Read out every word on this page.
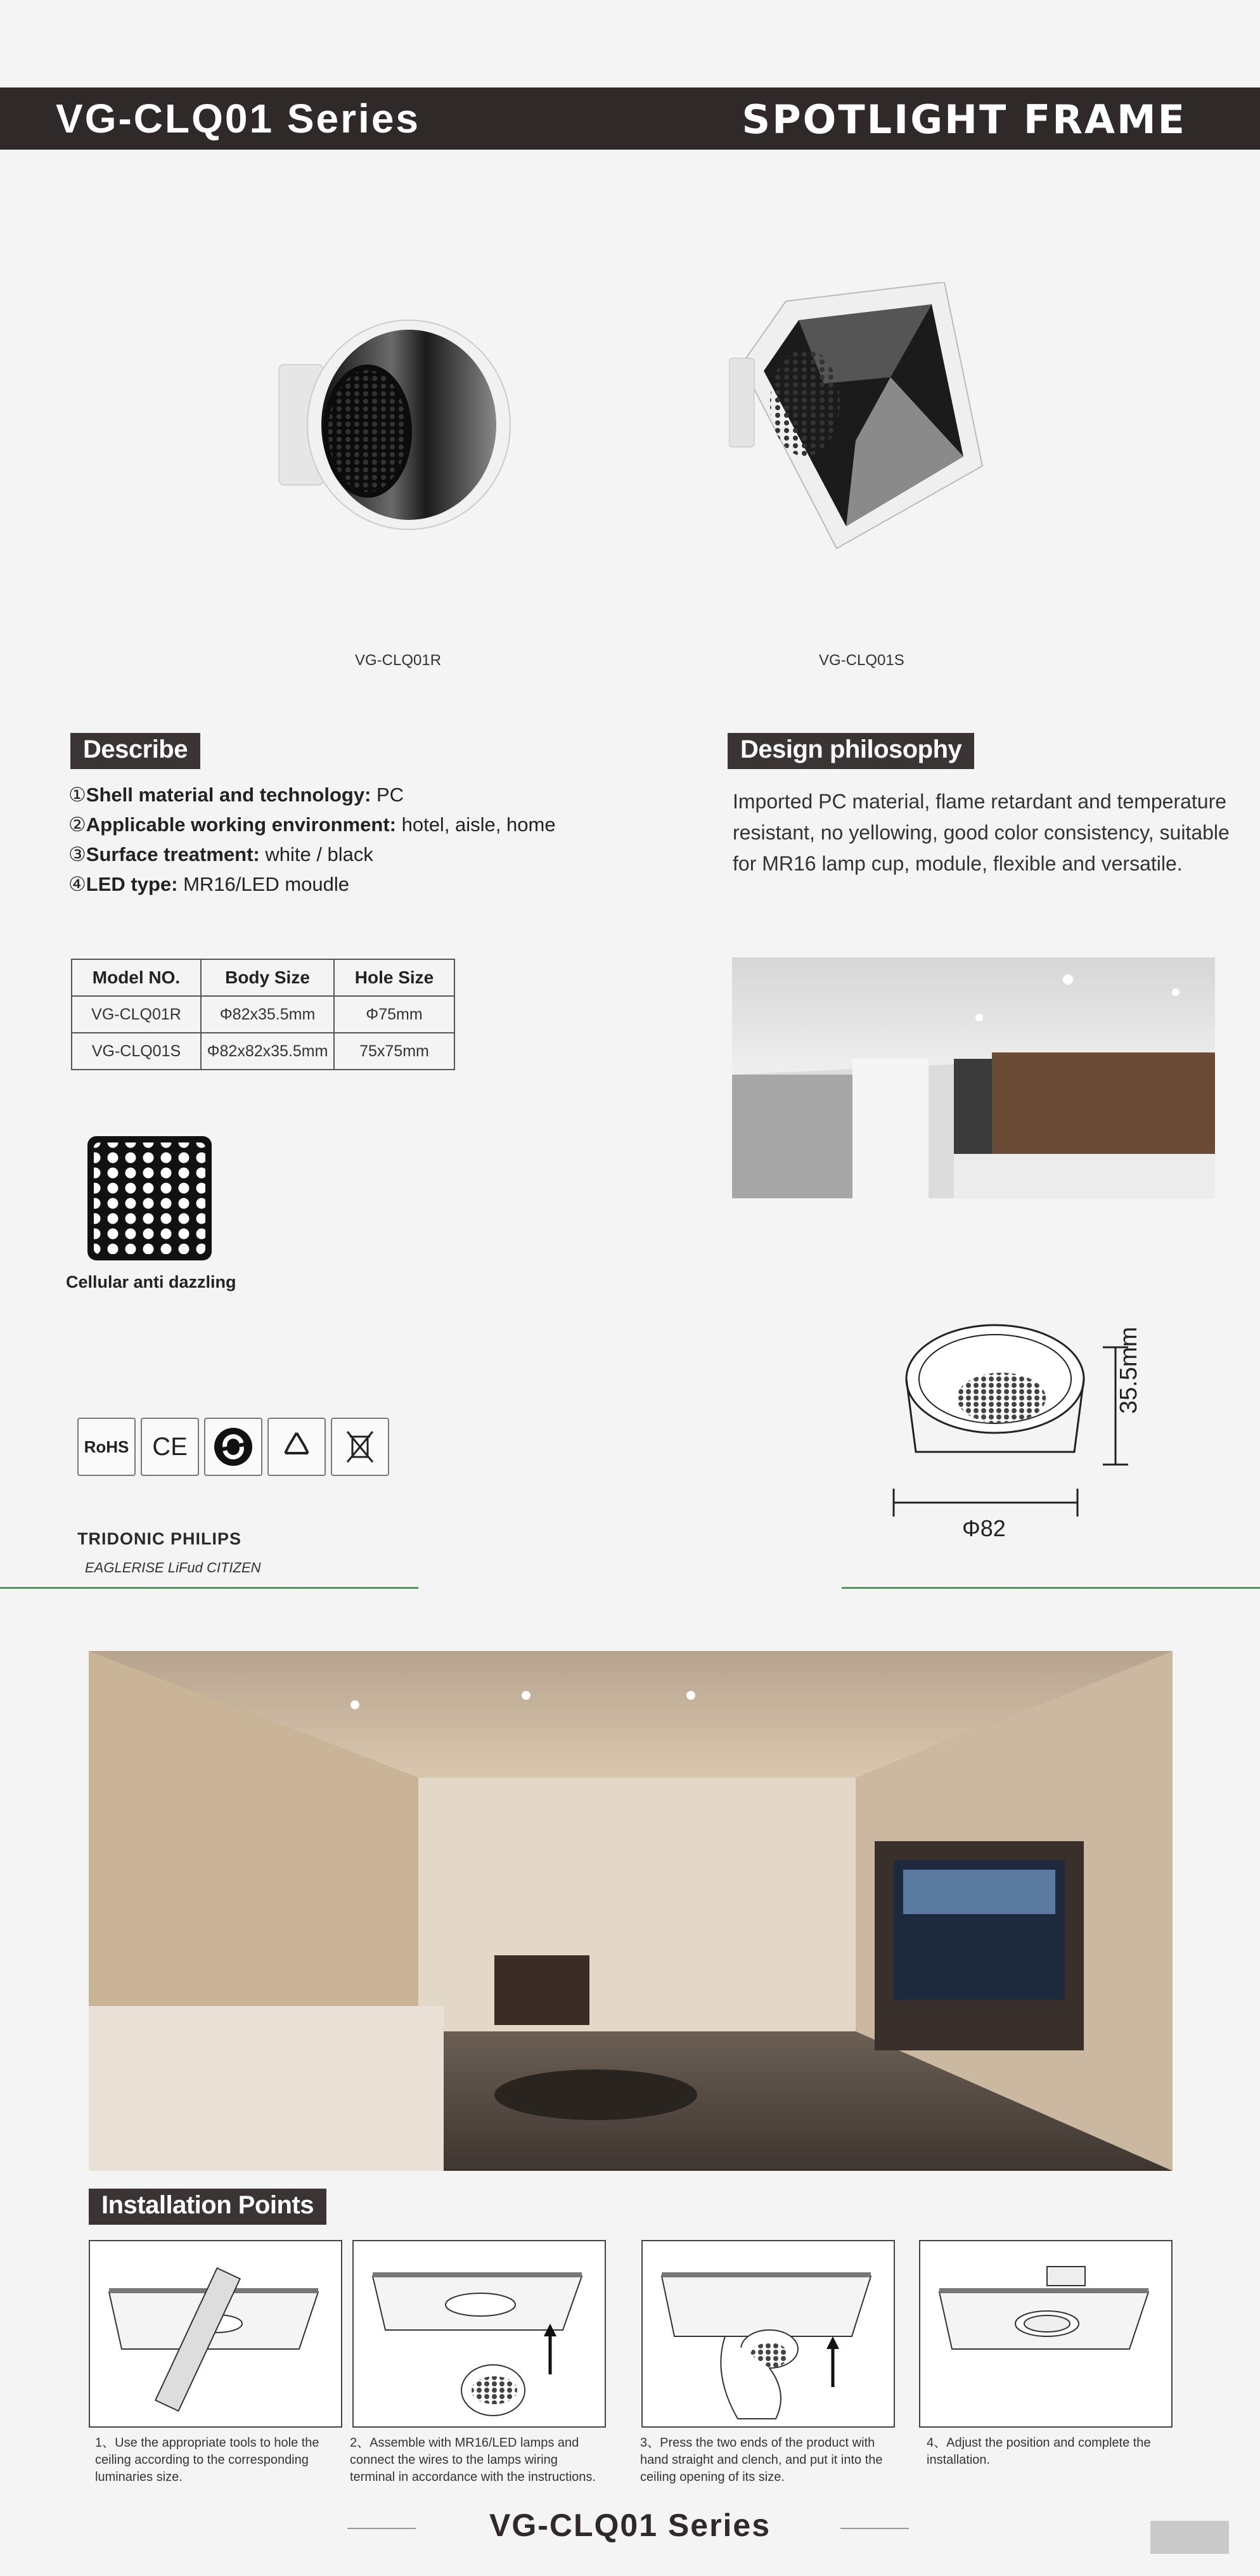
VG-CLQ01 Series	SPOTLIGHT FRAME
VG-CLQ01R	VG-CLQ01S
Describe
①Shell material and technology: PC
②Applicable working environment: hotel, aisle, home
③Surface treatment: white / black
④LED type: MR16/LED moudle
Design philosophy
Imported PC material, flame retardant and temperature resistant, no yellowing, good color consistency, suitable for MR16 lamp cup, module, flexible and versatile.
Model NO.	Body Size	Hole Size
VG-CLQ01R	Φ82x35.5mm	Φ75mm
VG-CLQ01S	Φ82x82x35.5mm	75x75mm
Cellular anti dazzling
RoHS CE
TRIDONIC PHILIPS
EAGLERISE LiFud CITIZEN
35.5mm
Φ82
Installation Points
1、Use the appropriate tools to hole the ceiling according to the corresponding luminaries size.
2、Assemble with MR16/LED lamps and connect the wires to the lamps wiring terminal in accordance with the instructions.
3、Press the two ends of the product with hand straight and clench, and put it into the ceiling opening of its size.
4、Adjust the position and complete the installation.
VG-CLQ01 Series
